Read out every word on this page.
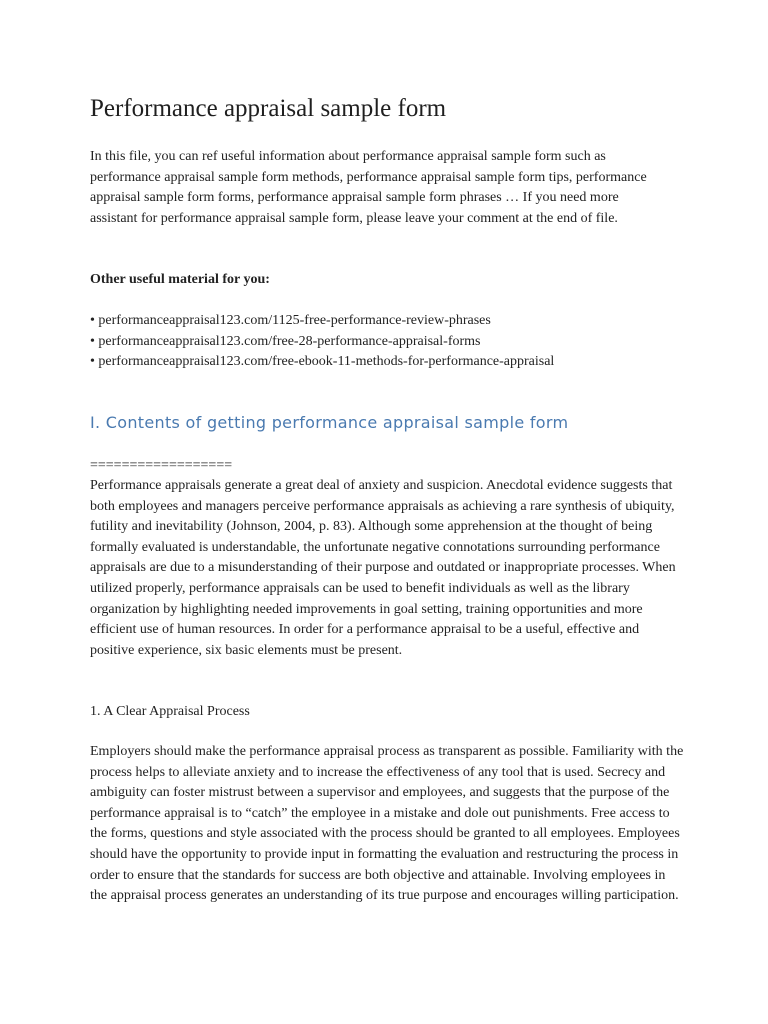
Performance appraisal sample form

In this file, you can ref useful information about performance appraisal sample form such as performance appraisal sample form methods, performance appraisal sample form tips, performance appraisal sample form forms, performance appraisal sample form phrases … If you need more assistant for performance appraisal sample form, please leave your comment at the end of file.

Other useful material for you:

• performanceappraisal123.com/1125-free-performance-review-phrases
• performanceappraisal123.com/free-28-performance-appraisal-forms
• performanceappraisal123.com/free-ebook-11-methods-for-performance-appraisal
I. Contents of getting performance appraisal sample form

==================

Performance appraisals generate a great deal of anxiety and suspicion. Anecdotal evidence suggests that both employees and managers perceive performance appraisals as achieving a rare synthesis of ubiquity, futility and inevitability (Johnson, 2004, p. 83). Although some apprehension at the thought of being formally evaluated is understandable, the unfortunate negative connotations surrounding performance appraisals are due to a misunderstanding of their purpose and outdated or inappropriate processes. When utilized properly, performance appraisals can be used to benefit individuals as well as the library organization by highlighting needed improvements in goal setting, training opportunities and more efficient use of human resources. In order for a performance appraisal to be a useful, effective and positive experience, six basic elements must be present.

1. A Clear Appraisal Process

Employers should make the performance appraisal process as transparent as possible. Familiarity with the process helps to alleviate anxiety and to increase the effectiveness of any tool that is used. Secrecy and ambiguity can foster mistrust between a supervisor and employees, and suggests that the purpose of the performance appraisal is to “catch” the employee in a mistake and dole out punishments. Free access to the forms, questions and style associated with the process should be granted to all employees. Employees should have the opportunity to provide input in formatting the evaluation and restructuring the process in order to ensure that the standards for success are both objective and attainable. Involving employees in the appraisal process generates an understanding of its true purpose and encourages willing participation.
